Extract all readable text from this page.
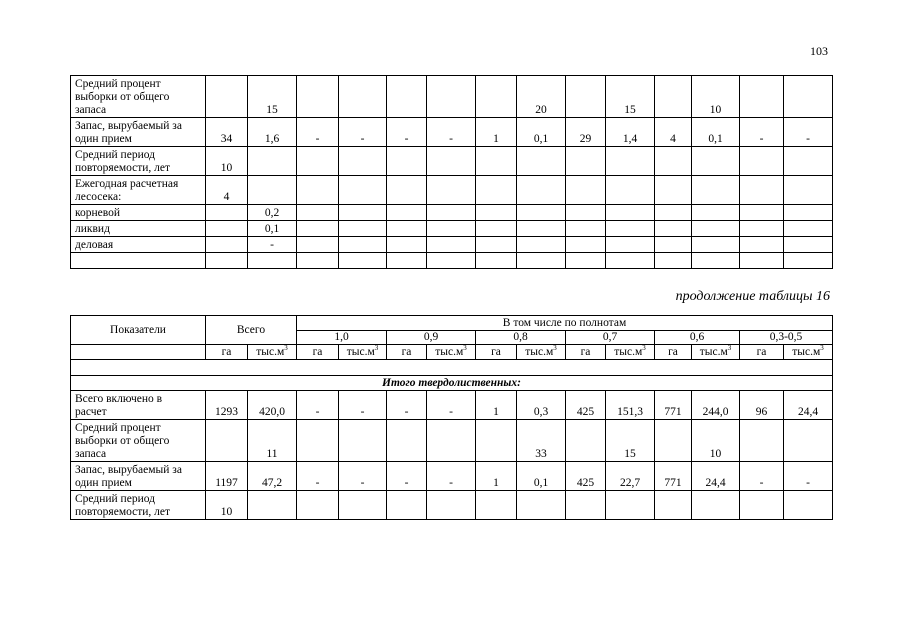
103
Средний процент
выборки от общего
запаса		15						20		15		10		

Запас, вырубаемый за
один прием	34	1,6	-	-	-	-	1	0,1	29	1,4	4	0,1	-	-

Средний период
повторяемости, лет	10													

Ежегодная расчетная
лесосека:	4													

корневой		0,2												

ликвид		0,1												

деловая		-												

продолжение таблицы 16
Показатели	Всего		В том числе по полнотам											
			1,0		0,9		0,8		0,7		0,6		0,3-0,5	
	га	$тыс.м^3$	га	$тыс.м^3$	га	$тыс.м^3$	га	$тыс.м^3$	га	$тыс.м^3$	га	$тыс.м^3$	га	$тыс.м^3$

Итого твердолиственных:														

Всего включено в
расчет	1293	420,0	-	-	-	-	1	0,3	425	151,3	771	244,0	96	24,4

Средний процент
выборки от общего
запаса		11						33		15		10		

Запас, вырубаемый за
один прием	1197	47,2	-	-	-	-	1	0,1	425	22,7	771	24,4	-	-

Средний период
повторяемости, лет	10													
